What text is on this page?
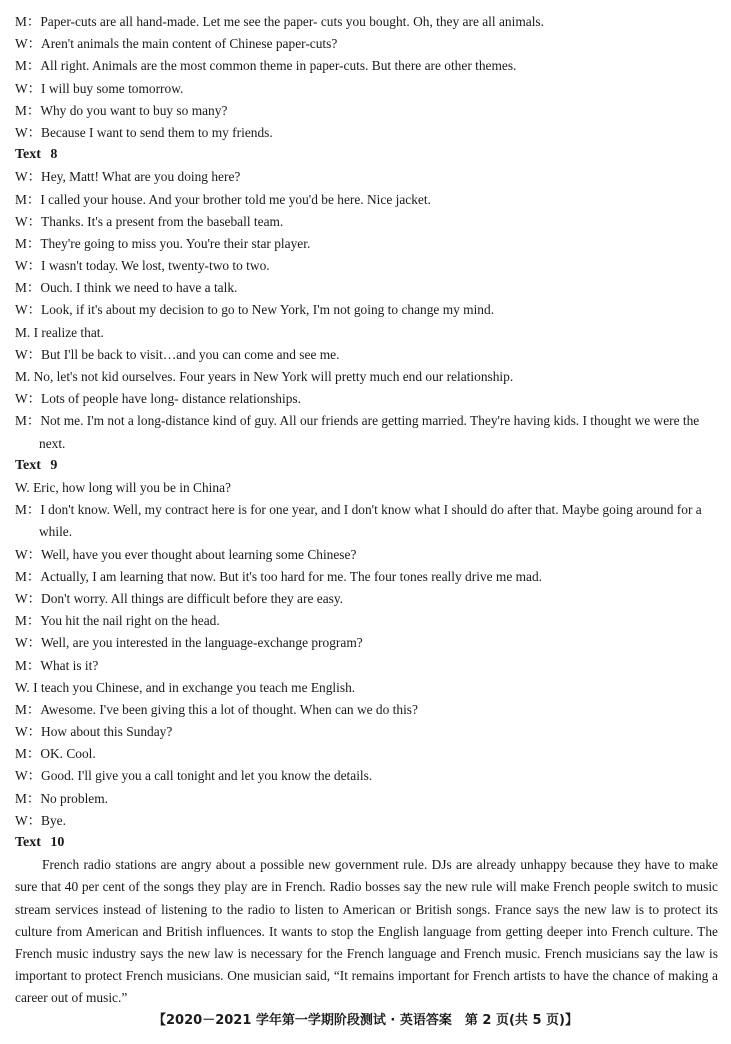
M：Paper-cuts are all hand-made. Let me see the paper- cuts you bought. Oh, they are all animals.
W：Aren't animals the main content of Chinese paper-cuts?
M：All right. Animals are the most common theme in paper-cuts. But there are other themes.
W：I will buy some tomorrow.
M：Why do you want to buy so many?
W：Because I want to send them to my friends.
Text 8
W：Hey, Matt! What are you doing here?
M：I called your house. And your brother told me you'd be here. Nice jacket.
W：Thanks. It's a present from the baseball team.
M：They're going to miss you. You're their star player.
W：I wasn't today. We lost, twenty-two to two.
M：Ouch. I think we need to have a talk.
W：Look, if it's about my decision to go to New York, I'm not going to change my mind.
M. I realize that.
W：But I'll be back to visit…and you can come and see me.
M. No, let's not kid ourselves. Four years in New York will pretty much end our relationship.
W：Lots of people have long- distance relationships.
M：Not me. I'm not a long-distance kind of guy. All our friends are getting married. They're having kids. I thought we were the next.
Text 9
W. Eric, how long will you be in China?
M：I don't know. Well, my contract here is for one year, and I don't know what I should do after that. Maybe going around for a while.
W：Well, have you ever thought about learning some Chinese?
M：Actually, I am learning that now. But it's too hard for me. The four tones really drive me mad.
W：Don't worry. All things are difficult before they are easy.
M：You hit the nail right on the head.
W：Well, are you interested in the language-exchange program?
M：What is it?
W. I teach you Chinese, and in exchange you teach me English.
M：Awesome. I've been giving this a lot of thought. When can we do this?
W：How about this Sunday?
M：OK. Cool.
W：Good. I'll give you a call tonight and let you know the details.
M：No problem.
W：Bye.
Text 10
French radio stations are angry about a possible new government rule. DJs are already unhappy because they have to make sure that 40 per cent of the songs they play are in French. Radio bosses say the new rule will make French people switch to music stream services instead of listening to the radio to listen to American or British songs. France says the new law is to protect its culture from American and British influences. It wants to stop the English language from getting deeper into French culture. The French music industry says the new law is necessary for the French language and French music. French musicians say the law is important to protect French musicians. One musician said, “It remains important for French artists to have the chance of making a career out of music.”
【2020－2021 学年第一学期阶段测试 · 英语答案　第 2 页(共 5 页)】
